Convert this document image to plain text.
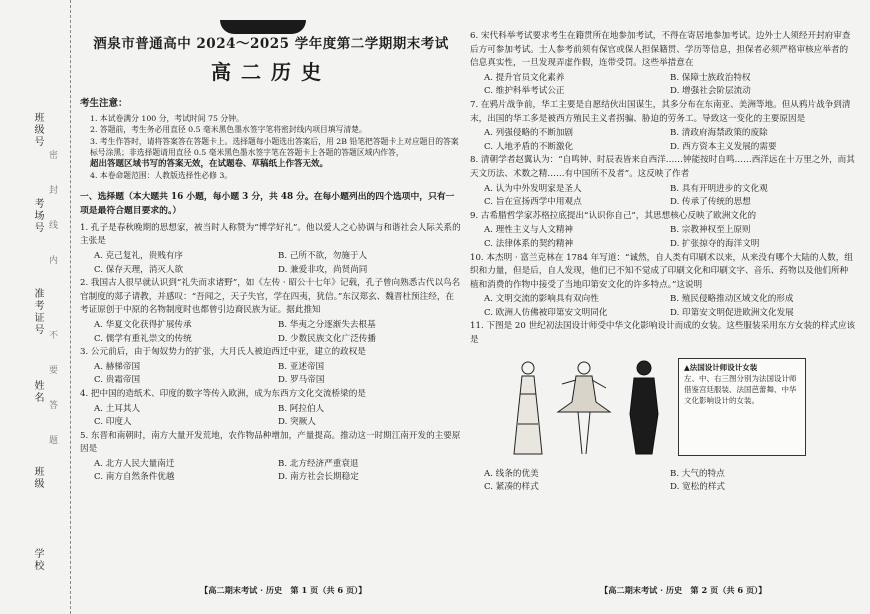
班级号
考场号
准考证号
姓名
班级
学校
密
封
线
内
不
要
答
题
酒泉市普通高中 2024～2025 学年度第二学期期末考试
高二历史
考生注意：

1. 本试卷满分 100 分，考试时间 75 分钟。

2. 答题前，考生务必用直径 0.5 毫米黑色墨水签字笔将密封线内项目填写清楚。

3. 考生作答时，请将答案答在答题卡上。选择题每小题选出答案后，用 2B 铅笔把答题卡上对应题目的答案标号涂黑；非选择题请用直径 0.5 毫米黑色墨水签字笔在答题卡上各题的答题区域内作答，

超出答题区域书写的答案无效，在试题卷、草稿纸上作答无效。

4. 本卷命题范围：人教版选择性必修 3。

一、选择题（本大题共 16 小题，每小题 3 分，共 48 分。在每小题列出的四个选项中，只有一项是最符合题目要求的。）
1. 孔子是春秋晚期的思想家，被当时人称赞为“博学好礼”。他以爱人之心协调与和谐社会人际关系的主张是
A. 克己复礼，贵贱有序	B. 己所不欲，勿施于人
C. 保存天理，消灭人欲	D. 兼爱非攻，尚贤尚同
2. 我国古人很早就认识到“礼失而求诸野”，如《左传 · 昭公十七年》记载，孔子曾向熟悉古代以鸟名官制度的郯子请教，并感叹：“吾闻之，天子失官，学在四夷，犹信。”东汉郑玄、魏晋杜预注经，在考证原创于中原的名物制度时也都曾引边裔民族为证。据此推知
A. 华夏文化获得扩展传承	B. 华夷之分逐渐失去根基
C. 儒学有重礼崇文的传统	D. 少数民族文化广泛传播
3. 公元前后，由于匈奴势力的扩张，大月氏人被迫西迁中亚，建立的政权是
A. 赫梯帝国	B. 亚述帝国
C. 贵霜帝国	D. 罗马帝国
4. 把中国的造纸术、印度的数字等传入欧洲，成为东西方文化交流桥梁的是
A. 土耳其人	B. 阿拉伯人
C. 印度人	D. 突厥人
5. 东晋和南朝时，南方大量开发荒地，农作物品种增加，产量提高。推动这一时期江南开发的主要原因是
A. 北方人民大量南迁	B. 北方经济严重衰退
C. 南方自然条件优越	D. 南方社会长期稳定
6. 宋代科举考试要求考生在籍贯所在地参加考试，不得在寄居地参加考试。边外士人须经开封府审查后方可参加考试。士人参考前须有保官或保人担保籍贯、学历等信息，担保者必须严格审核应举者的信息真实性，一旦发现弄虚作假，连带受罚。这些举措意在
A. 提升官员文化素养	B. 保障士族政治特权
C. 维护科举考试公正	D. 增强社会阶层流动
7. 在鸦片战争前，华工主要是自愿结伙出国谋生，其多分布在东南亚、美洲等地。但从鸦片战争到清末，出国的华工多是被西方殖民主义者拐骗、胁迫的劳务工。导致这一变化的主要原因是
A. 列强侵略的不断加剧	B. 清政府海禁政策的废除
C. 人地矛盾的不断激化	D. 西方资本主义发展的需要
8. 清朝学者赵翼认为：“自鸣钟、时辰表皆来自西洋……钟能按时自鸣……西洋远在十万里之外，而其天文历法、术数之精……有中国所不及者”。这反映了作者
A. 认为中外发明家是圣人	B. 具有开明进步的文化观
C. 旨在宣扬西学中用观点	D. 传承了传统的思想
9. 古希腊哲学家苏格拉底提出“认识你自己”，其思想核心反映了欧洲文化的
A. 理性主义与人文精神	B. 宗教神权至上原则
C. 法律体系的契约精神	D. 扩张掠夺的海洋文明
10. 本杰明 · 富兰克林在 1784 年写道：“诚然，自人类有印刷术以来，从来没有哪个大陆的人数，组织和力量，但是后，自人发现，他们已不知不觉成了印刷文化和印刷文字、音乐、药物以及他们所种植和消费的作物中接受了当地印第安文化的许多特点。”这说明
A. 文明交流的影响具有双向性	B. 殖民侵略推动区域文化的形成
C. 欧洲人仿佛被印第安文明同化	D. 印第安文明促进欧洲文化发展
11. 下图是 20 世纪初法国设计师受中华文化影响设计而成的女装。这些服装采用东方女装的样式应该是
▲法国设计师设计女装
左、中、右三图分别为法国设计师借鉴宫廷服装、法国芭蕾舞、中华文化影响设计的女装。
A. 线条的优美	B. 大气的特点
C. 紧凑的样式	D. 宽松的样式
【高二期末考试 · 历史　第 1 页（共 6 页）】	【高二期末考试 · 历史　第 2 页（共 6 页）】
